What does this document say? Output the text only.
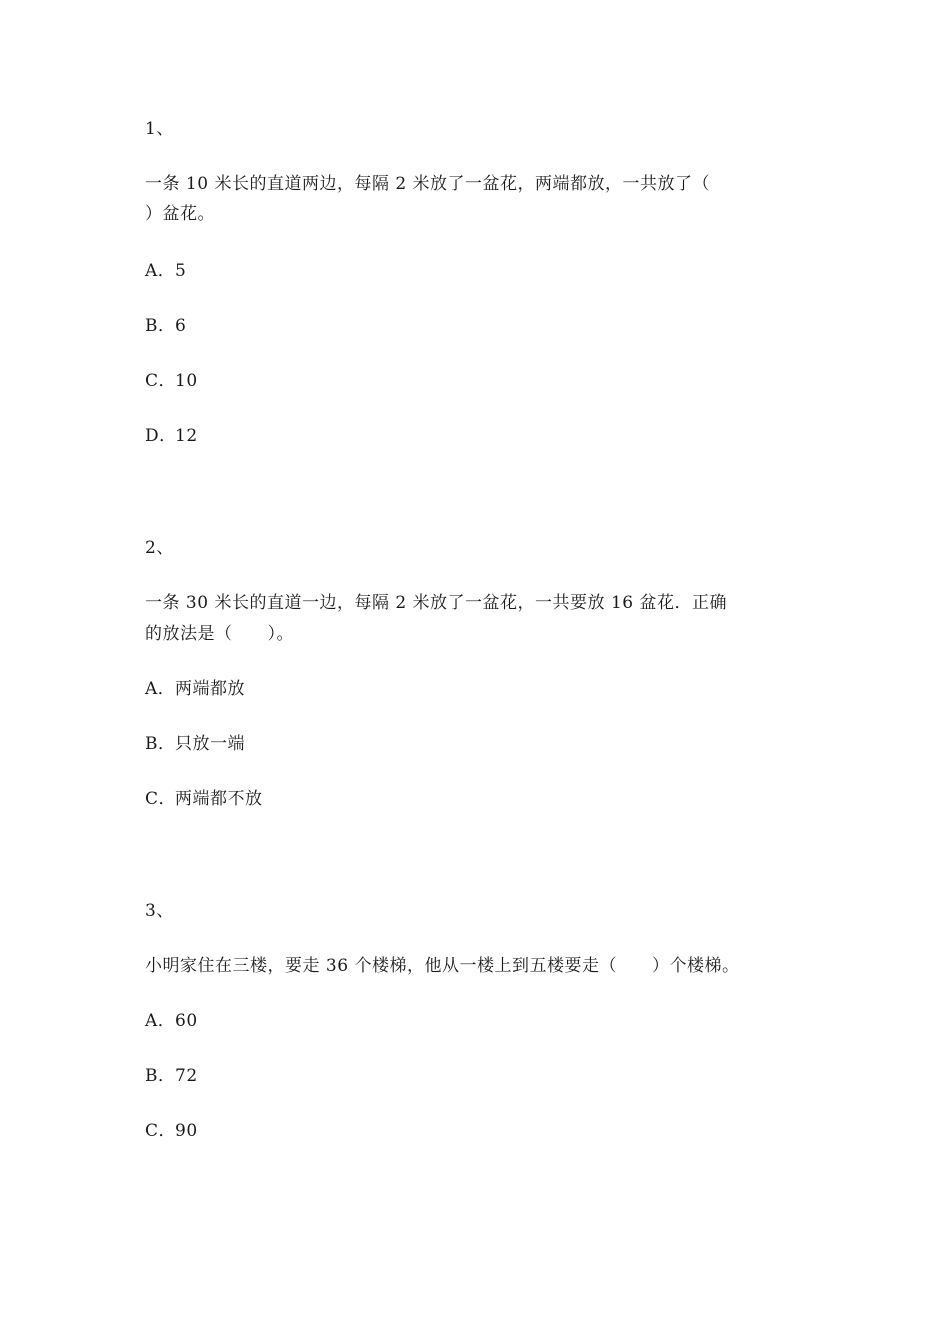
1、
一条 10 米长的直道两边，每隔 2 米放了一盆花，两端都放，一共放了（
）盆花。
A．5
B．6
C．10
D．12
2、
一条 30 米长的直道一边，每隔 2 米放了一盆花，一共要放 16 盆花．正确
的放法是（　　）。
A．两端都放
B．只放一端
C．两端都不放
3、
小明家住在三楼，要走 36 个楼梯，他从一楼上到五楼要走（　　）个楼梯。
A．60
B．72
C．90
